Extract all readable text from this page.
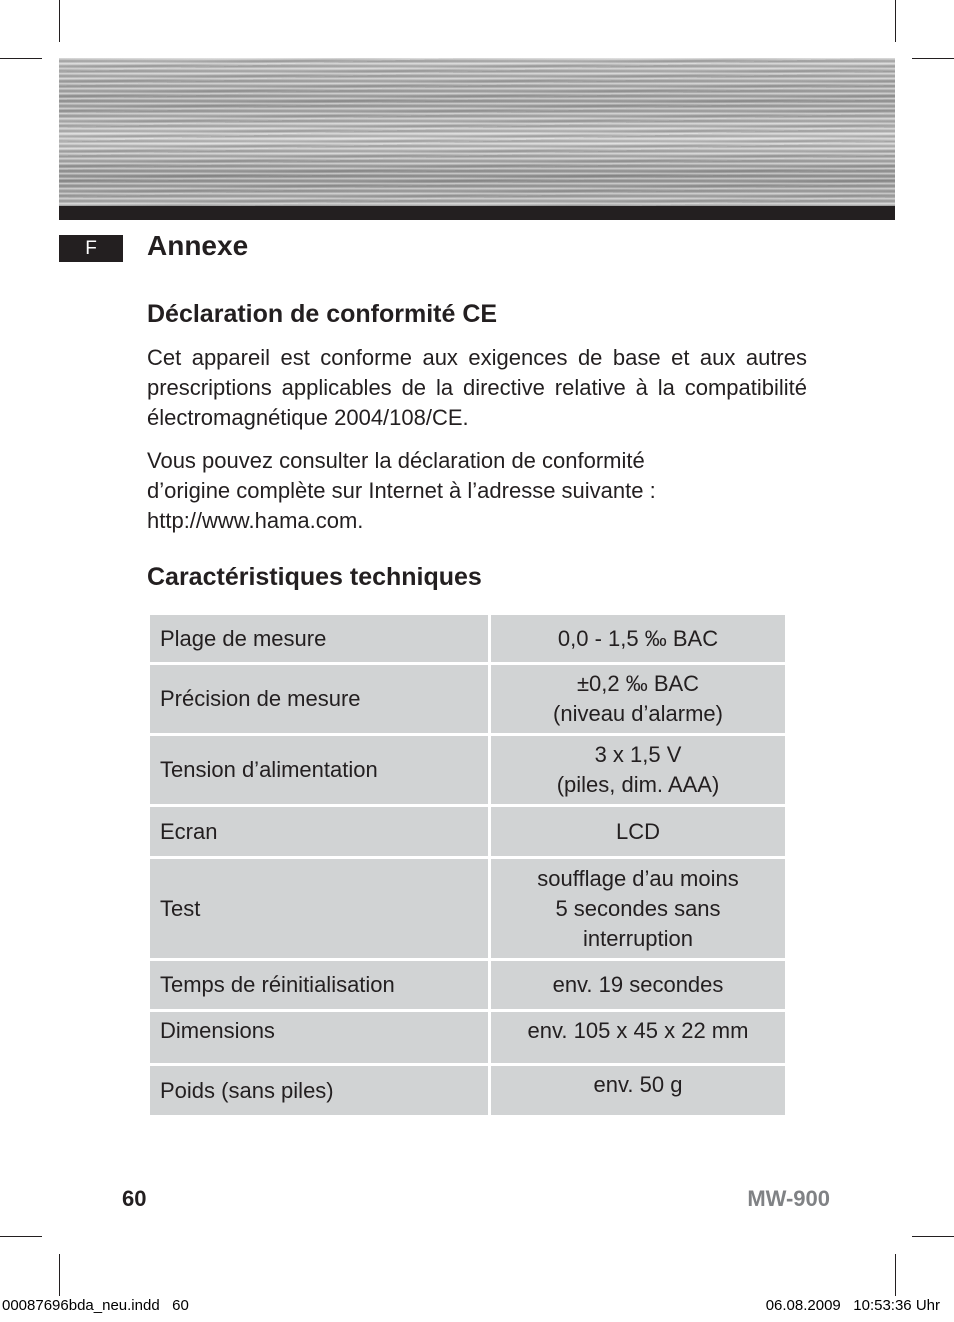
F	Annexe
Déclaration de conformité CE
Cet appareil est conforme aux exigences de base et aux autres prescriptions applicables de la directive relative à la compatibilité électromagnétique 2004/108/CE.

Vous pouvez consulter la déclaration de conformité

d’origine complète sur Internet à l’adresse suivante :

http://www.hama.com.

Caractéristiques techniques
Plage de mesure	0,0 - 1,5 ‰ BAC

Précision de mesure	±0,2 ‰ BAC
(niveau d’alarme)

Tension d’alimentation	3 x 1,5 V
(piles, dim. AAA)

Ecran	LCD

Test	soufflage d’au moins
5 secondes sans
interruption

Temps de réinitialisation	env. 19 secondes

Dimensions	env. 105 x 45 x 22 mm

Poids (sans piles)	env. 50 g
60	MW-900
00087696bda_neu.indd   60	06.08.2009   10:53:36 Uhr
